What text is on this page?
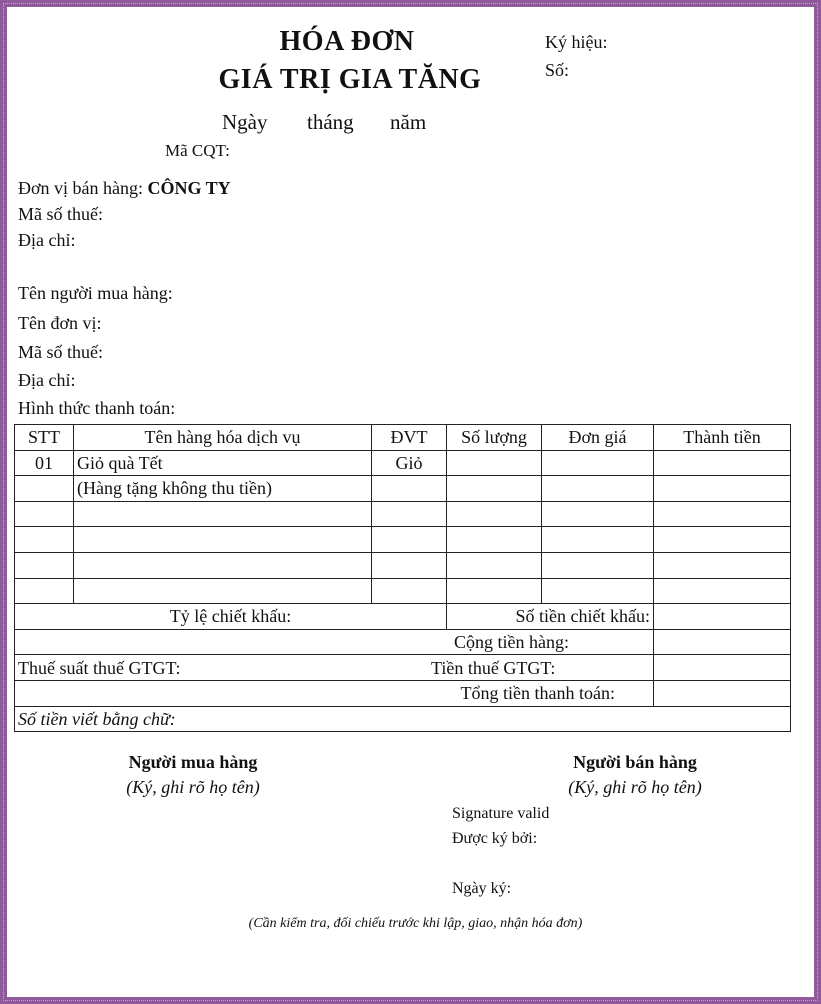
HÓA ĐƠN
GIÁ TRỊ GIA TĂNG
Ký hiệu:
Số:
Ngày tháng năm
Mã CQT:
Đơn vị bán hàng: CÔNG TY
Mã số thuế:
Địa chỉ:
Tên người mua hàng:
Tên đơn vị:
Mã số thuế:
Địa chỉ:
Hình thức thanh toán:
STT	Tên hàng hóa dịch vụ	ĐVT	Số lượng	Đơn giá	Thành tiền
01	Giỏ quà Tết	Giỏ			
	(Hàng tặng không thu tiền)				

Tỷ lệ chiết khấu:			Số tiền chiết khấu:		
Cộng tiền hàng:					
Thuế suất thuế GTGT: Tiền thuế GTGT:					

Tổng tiền thanh toán:					
Số tiền viết bằng chữ:					
Người mua hàng
(Ký, ghi rõ họ tên)
Người bán hàng
(Ký, ghi rõ họ tên)
Signature valid
Được ký bởi:
Ngày ký:
(Cần kiểm tra, đối chiếu trước khi lập, giao, nhận hóa đơn)
